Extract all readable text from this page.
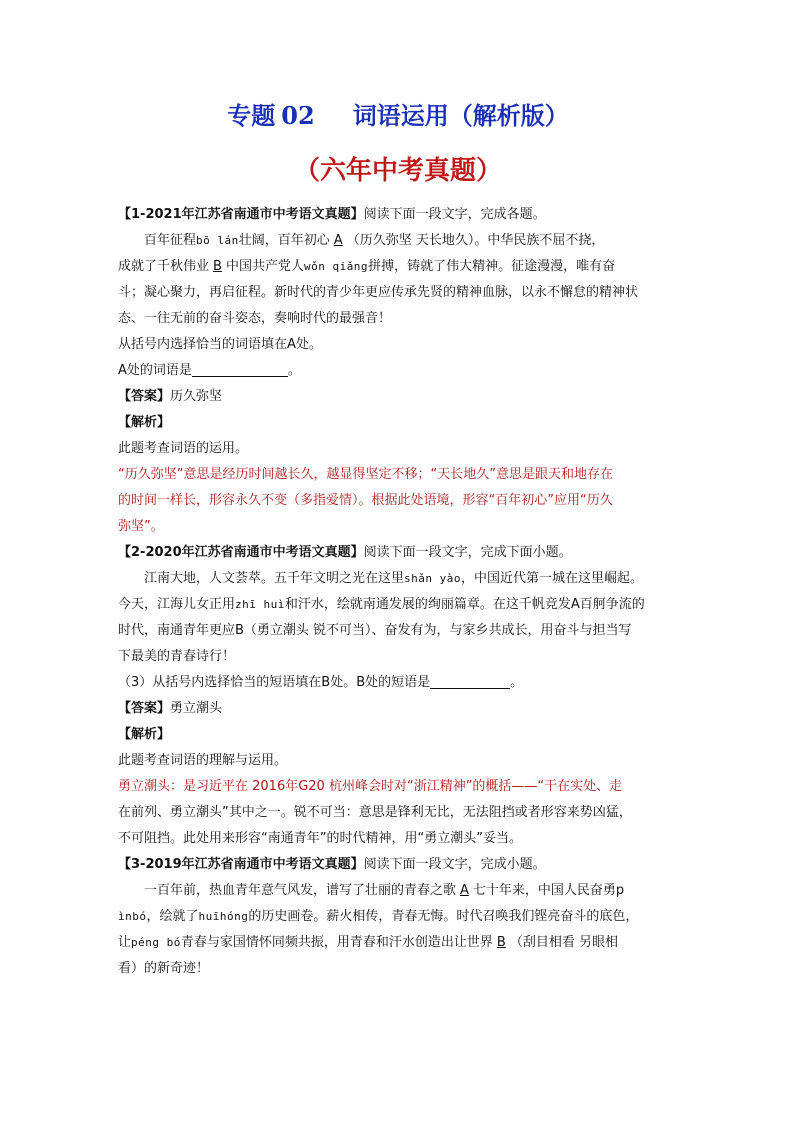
专题 02 词语运用（解析版）
（六年中考真题）
【1-2021年江苏省南通市中考语文真题】阅读下面一段文字，完成各题。
百年征程bō lán壮阔，百年初心 A （历久弥坚 天长地久）。中华民族不屈不挠，
成就了千秋伟业 B 中国共产党人wǒn qiǎng拼搏，铸就了伟大精神。征途漫漫，唯有奋
斗；凝心聚力，再启征程。新时代的青少年更应传承先贤的精神血脉，以永不懈怠的精神状
态、一往无前的奋斗姿态，奏响时代的最强音！
从括号内选择恰当的词语填在A处。
A处的词语是	。
【答案】历久弥坚
【解析】
此题考查词语的运用。
“历久弥坚”意思是经历时间越长久，越显得坚定不移；“天长地久”意思是跟天和地存在
的时间一样长，形容永久不变（多指爱情）。根据此处语境，形容“百年初心”应用“历久
弥坚”。
【2-2020年江苏省南通市中考语文真题】阅读下面一段文字，完成下面小题。
江南大地，人文荟萃。五千年文明之光在这里shǎn yào，中国近代第一城在这里崛起。
今天，江海儿女正用zhī huì和汗水，绘就南通发展的绚丽篇章。在这千帆竞发A百舸争流的
时代，南通青年更应B（勇立潮头 锐不可当）、奋发有为，与家乡共成长，用奋斗与担当写
下最美的青春诗行！
（3）从括号内选择恰当的短语填在B处。B处的短语是	。
【答案】勇立潮头
【解析】
此题考查词语的理解与运用。
勇立潮头：是习近平在 2016年G20 杭州峰会时对“浙江精神”的概括——“干在实处、走
在前列、勇立潮头”其中之一。锐不可当：意思是锋利无比，无法阻挡或者形容来势凶猛，
不可阻挡。此处用来形容“南通青年”的时代精神，用“勇立潮头”妥当。
【3-2019年江苏省南通市中考语文真题】阅读下面一段文字，完成小题。
一百年前，热血青年意气风发，谱写了壮丽的青春之歌 A 七十年来，中国人民奋勇p
ìnbó，绘就了huīhóng的历史画卷。薪火相传，青春无悔。时代召唤我们铿亮奋斗的底色，
让péng bó青春与家国情怀同频共振，用青春和汗水创造出让世界 B （刮目相看 另眼相
看）的新奇迹！
